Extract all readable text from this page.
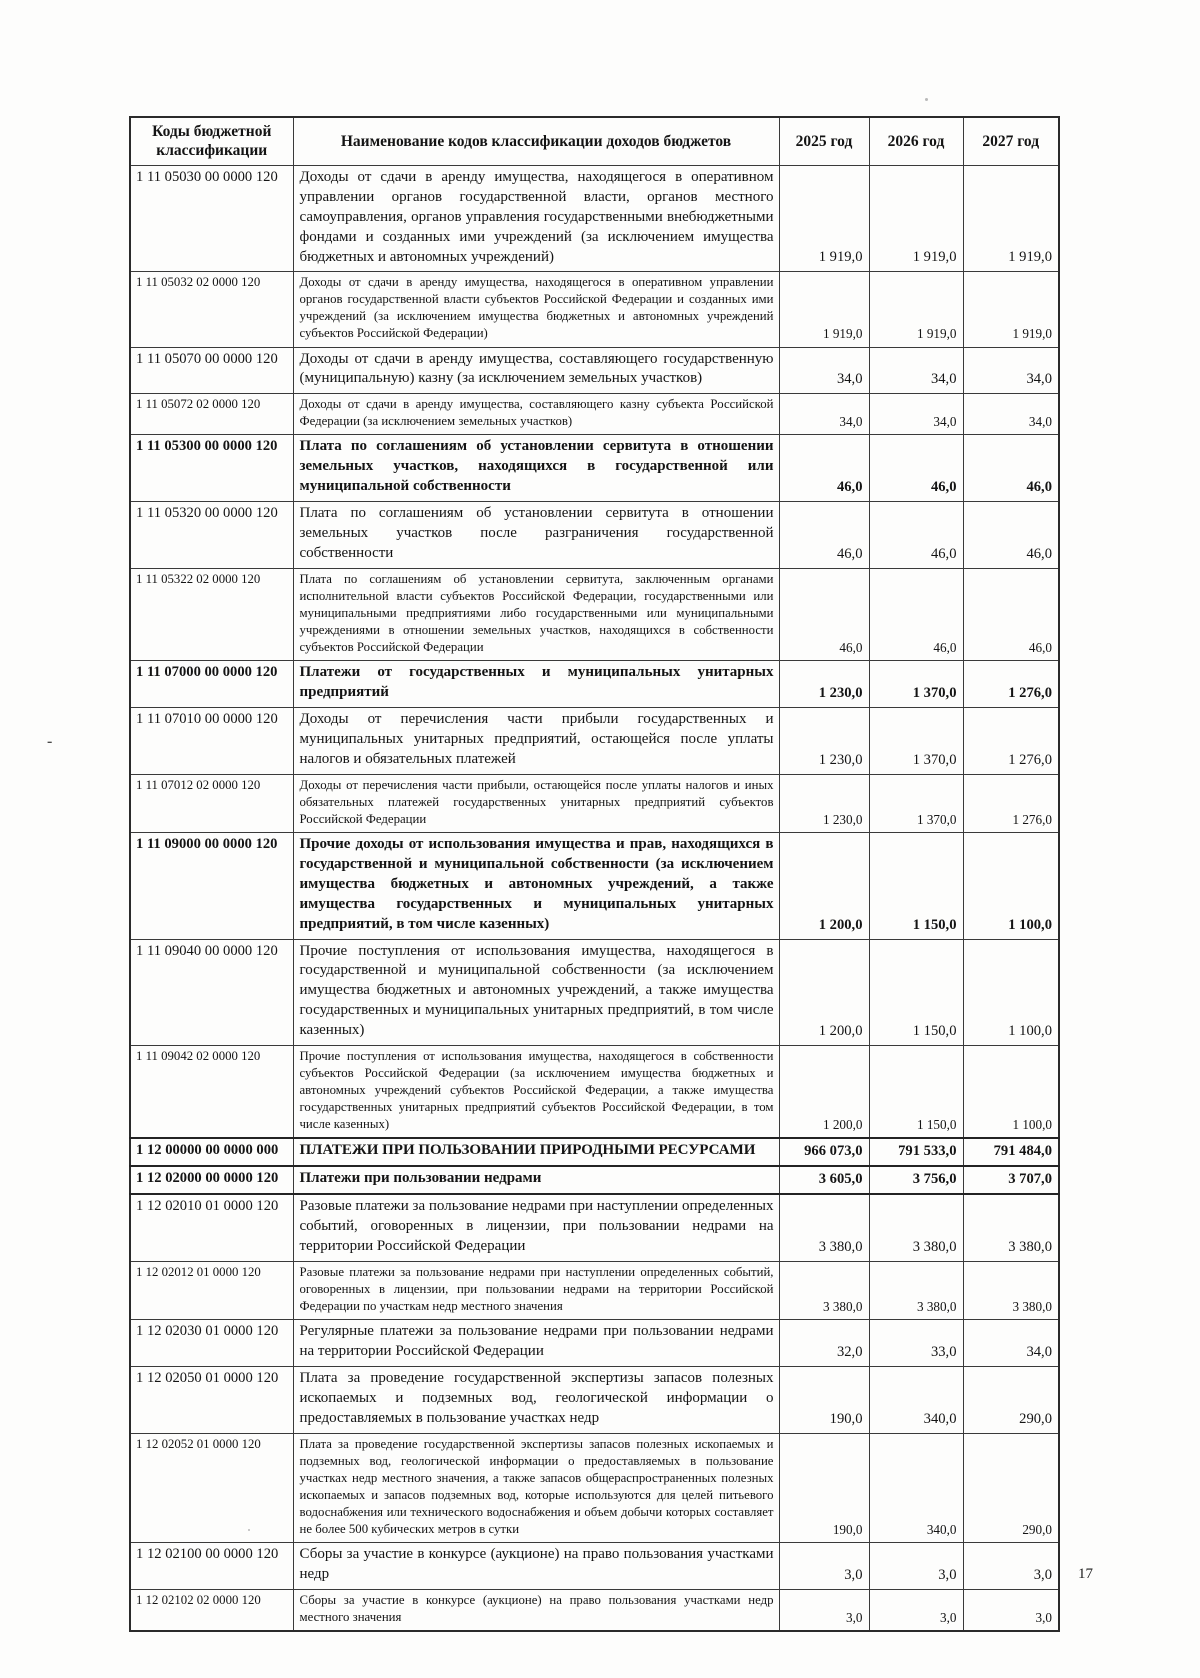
Коды бюджетной классификации	Наименование кодов классификации доходов бюджетов	2025 год	2026 год	2027 год
1 11 05030 00 0000 120	Доходы от сдачи в аренду имущества, находящегося в оперативном управлении органов государственной власти, органов местного самоуправления, органов управления государственными внебюджетными фондами и созданных ими учреждений (за исключением имущества бюджетных и автономных учреждений)	1 919,0	1 919,0	1 919,0
1 11 05032 02 0000 120	Доходы от сдачи в аренду имущества, находящегося в оперативном управлении органов государственной власти субъектов Российской Федерации и созданных ими учреждений (за исключением имущества бюджетных и автономных учреждений субъектов Российской Федерации)	1 919,0	1 919,0	1 919,0
1 11 05070 00 0000 120	Доходы от сдачи в аренду имущества, составляющего государственную (муниципальную) казну (за исключением земельных участков)	34,0	34,0	34,0
1 11 05072 02 0000 120	Доходы от сдачи в аренду имущества, составляющего казну субъекта Российской Федерации (за исключением земельных участков)	34,0	34,0	34,0
1 11 05300 00 0000 120	Плата по соглашениям об установлении сервитута в отношении земельных участков, находящихся в государственной или муниципальной собственности	46,0	46,0	46,0
1 11 05320 00 0000 120	Плата по соглашениям об установлении сервитута в отношении земельных участков после разграничения государственной собственности	46,0	46,0	46,0
1 11 05322 02 0000 120	Плата по соглашениям об установлении сервитута, заключенным органами исполнительной власти субъектов Российской Федерации, государственными или муниципальными предприятиями либо государственными или муниципальными учреждениями в отношении земельных участков, находящихся в собственности субъектов Российской Федерации	46,0	46,0	46,0
1 11 07000 00 0000 120	Платежи от государственных и муниципальных унитарных предприятий	1 230,0	1 370,0	1 276,0
1 11 07010 00 0000 120	Доходы от перечисления части прибыли государственных и муниципальных унитарных предприятий, остающейся после уплаты налогов и обязательных платежей	1 230,0	1 370,0	1 276,0
1 11 07012 02 0000 120	Доходы от перечисления части прибыли, остающейся после уплаты налогов и иных обязательных платежей государственных унитарных предприятий субъектов Российской Федерации	1 230,0	1 370,0	1 276,0
1 11 09000 00 0000 120	Прочие доходы от использования имущества и прав, находящихся в государственной и муниципальной собственности (за исключением имущества бюджетных и автономных учреждений, а также имущества государственных и муниципальных унитарных предприятий, в том числе казенных)	1 200,0	1 150,0	1 100,0
1 11 09040 00 0000 120	Прочие поступления от использования имущества, находящегося в государственной и муниципальной собственности (за исключением имущества бюджетных и автономных учреждений, а также имущества государственных и муниципальных унитарных предприятий, в том числе казенных)	1 200,0	1 150,0	1 100,0
1 11 09042 02 0000 120	Прочие поступления от использования имущества, находящегося в собственности субъектов Российской Федерации (за исключением имущества бюджетных и автономных учреждений субъектов Российской Федерации, а также имущества государственных унитарных предприятий субъектов Российской Федерации, в том числе казенных)	1 200,0	1 150,0	1 100,0
1 12 00000 00 0000 000	ПЛАТЕЖИ ПРИ ПОЛЬЗОВАНИИ ПРИРОДНЫМИ РЕСУРСАМИ	966 073,0	791 533,0	791 484,0
1 12 02000 00 0000 120	Платежи при пользовании недрами	3 605,0	3 756,0	3 707,0
1 12 02010 01 0000 120	Разовые платежи за пользование недрами при наступлении определенных событий, оговоренных в лицензии, при пользовании недрами на территории Российской Федерации	3 380,0	3 380,0	3 380,0
1 12 02012 01 0000 120	Разовые платежи за пользование недрами при наступлении определенных событий, оговоренных в лицензии, при пользовании недрами на территории Российской Федерации по участкам недр местного значения	3 380,0	3 380,0	3 380,0
1 12 02030 01 0000 120	Регулярные платежи за пользование недрами при пользовании недрами на территории Российской Федерации	32,0	33,0	34,0
1 12 02050 01 0000 120	Плата за проведение государственной экспертизы запасов полезных ископаемых и подземных вод, геологической информации о предоставляемых в пользование участках недр	190,0	340,0	290,0
1 12 02052 01 0000 120	Плата за проведение государственной экспертизы запасов полезных ископаемых и подземных вод, геологической информации о предоставляемых в пользование участках недр местного значения, а также запасов общераспространенных полезных ископаемых и запасов подземных вод, которые используются для целей питьевого водоснабжения или технического водоснабжения и объем добычи которых составляет не более 500 кубических метров в сутки	190,0	340,0	290,0
1 12 02100 00 0000 120	Сборы за участие в конкурсе (аукционе) на право пользования участками недр	3,0	3,0	3,0
1 12 02102 02 0000 120	Сборы за участие в конкурсе (аукционе) на право пользования участками недр местного значения	3,0	3,0	3,0
-
17
